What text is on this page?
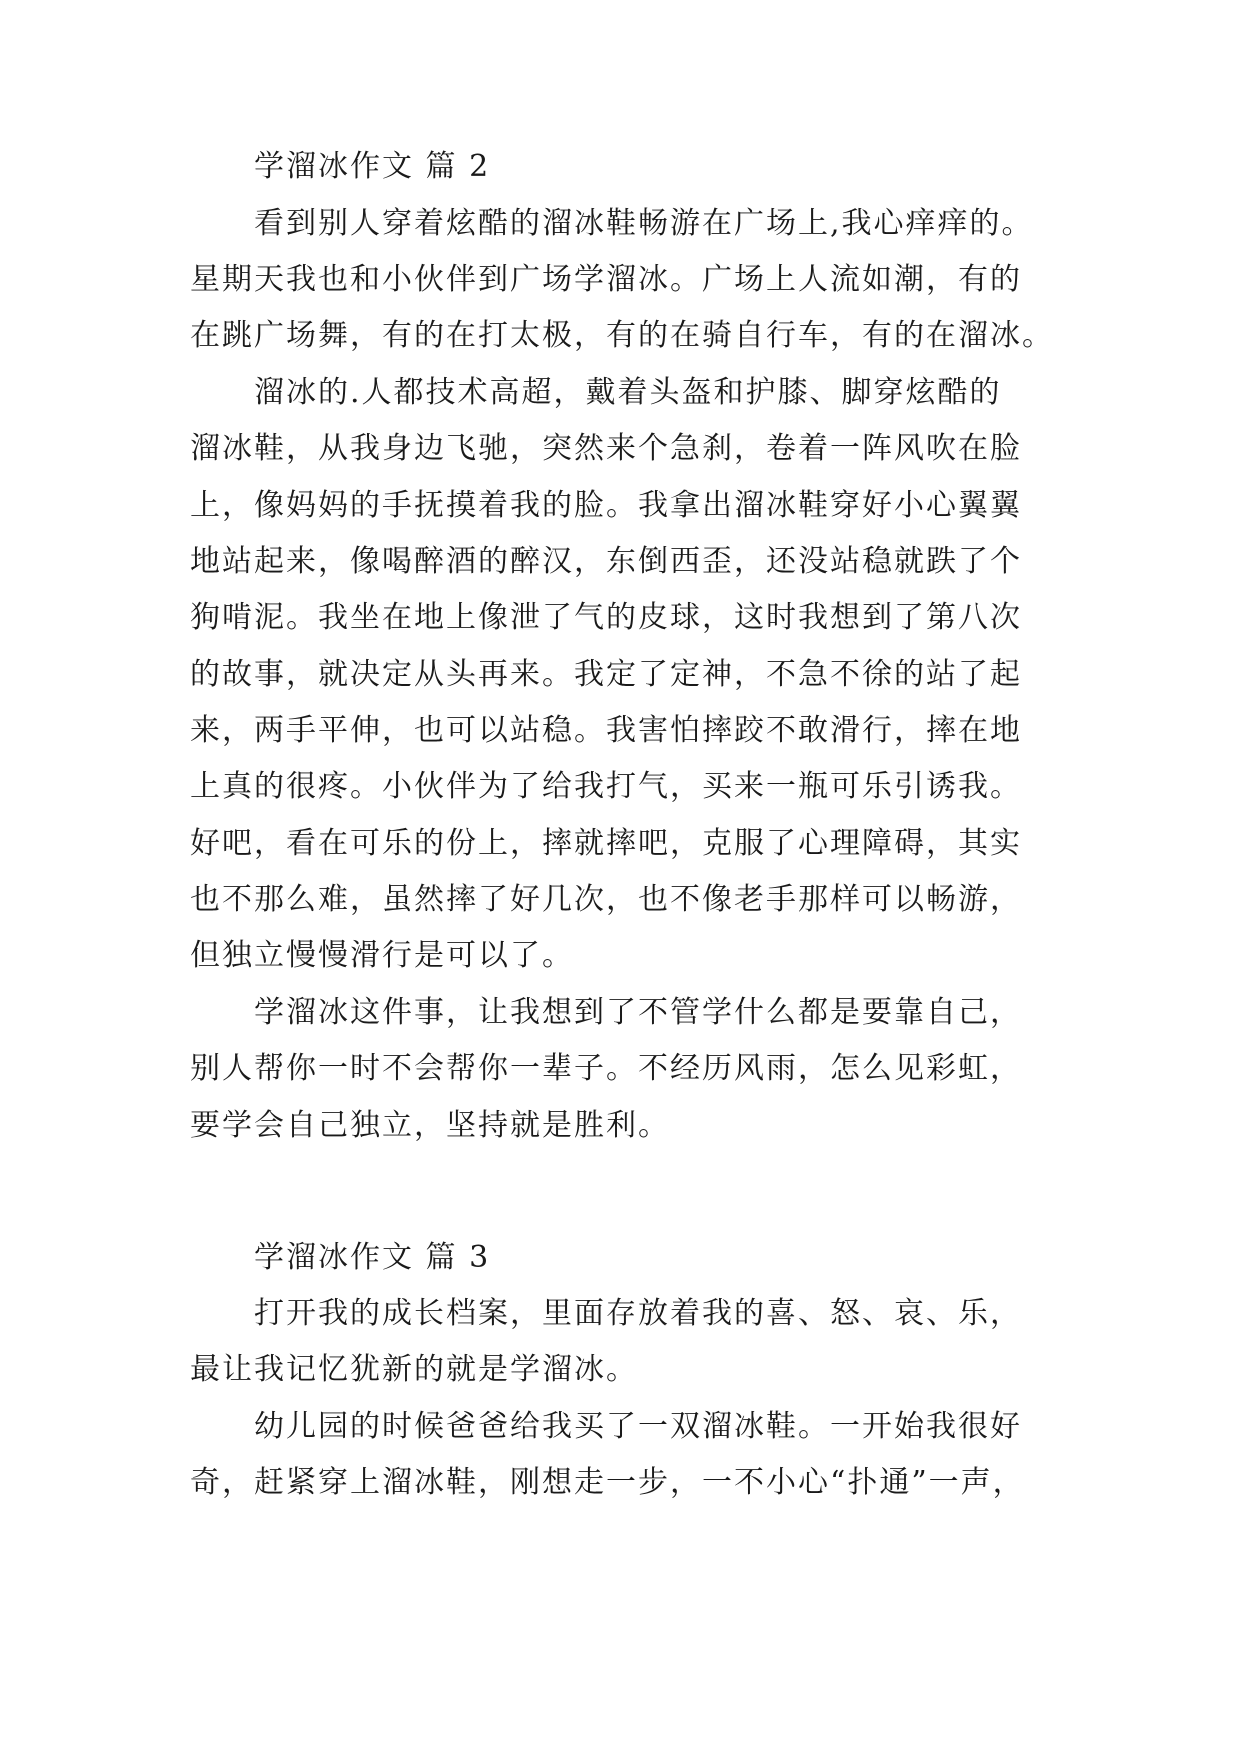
学溜冰作文 篇 2
看到别人穿着炫酷的溜冰鞋畅游在广场上,我心痒痒的。
星期天我也和小伙伴到广场学溜冰。广场上人流如潮，有的
在跳广场舞，有的在打太极，有的在骑自行车，有的在溜冰。
溜冰的.人都技术高超，戴着头盔和护膝、脚穿炫酷的
溜冰鞋，从我身边飞驰，突然来个急刹，卷着一阵风吹在脸
上，像妈妈的手抚摸着我的脸。我拿出溜冰鞋穿好小心翼翼
地站起来，像喝醉酒的醉汉，东倒西歪，还没站稳就跌了个
狗啃泥。我坐在地上像泄了气的皮球，这时我想到了第八次
的故事，就决定从头再来。我定了定神，不急不徐的站了起
来，两手平伸，也可以站稳。我害怕摔跤不敢滑行，摔在地
上真的很疼。小伙伴为了给我打气，买来一瓶可乐引诱我。
好吧，看在可乐的份上，摔就摔吧，克服了心理障碍，其实
也不那么难，虽然摔了好几次，也不像老手那样可以畅游，
但独立慢慢滑行是可以了。
学溜冰这件事，让我想到了不管学什么都是要靠自己，
别人帮你一时不会帮你一辈子。不经历风雨，怎么见彩虹，
要学会自己独立，坚持就是胜利。
学溜冰作文 篇 3
打开我的成长档案，里面存放着我的喜、怒、哀、乐，
最让我记忆犹新的就是学溜冰。
幼儿园的时候爸爸给我买了一双溜冰鞋。一开始我很好
奇，赶紧穿上溜冰鞋，刚想走一步，一不小心“扑通”一声，
